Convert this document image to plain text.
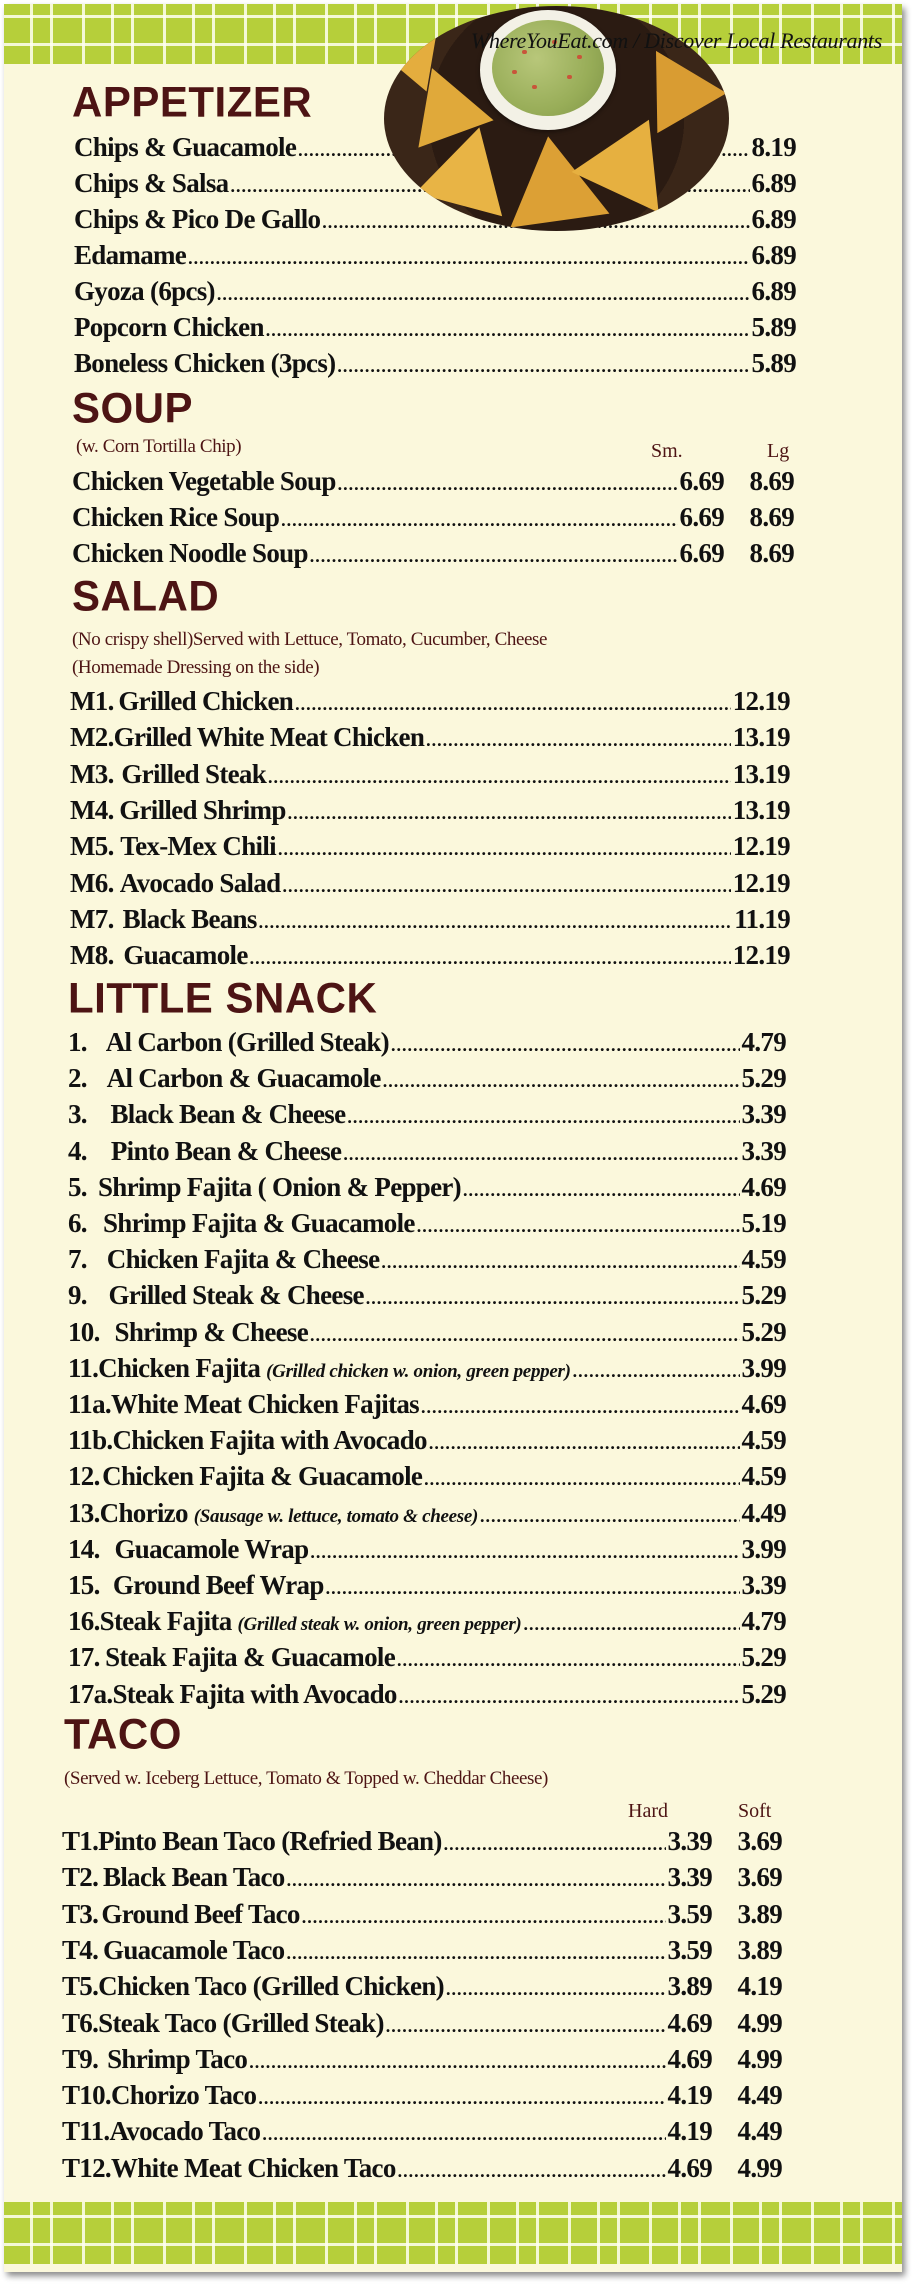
WhereYouEat.com / Discover Local Restaurants
APPETIZER
Chips & Guacamole .....	8.19
Chips & Salsa .....	6.89
Chips & Pico De Gallo .....	6.89
Edamame .....	6.89
Gyoza (6pcs) .....	6.89
Popcorn Chicken .....	5.89
Boneless Chicken (3pcs) .....	5.89
SOUP
(w. Corn Tortilla Chip)	Sm.	Lg
Chicken Vegetable Soup .....	6.69 8.69
Chicken Rice Soup .....	6.69 8.69
Chicken Noodle Soup .....	6.69 8.69
SALAD
(No crispy shell)Served with Lettuce, Tomato, Cucumber, Cheese
(Homemade Dressing on the side)
M1. Grilled Chicken .....	12.19
M2. Grilled White Meat Chicken .....	13.19
M3. Grilled Steak .....	13.19
M4. Grilled Shrimp .....	13.19
M5. Tex-Mex Chili .....	12.19
M6. Avocado Salad .....	12.19
M7. Black Beans .....	11.19
M8. Guacamole .....	12.19
LITTLE SNACK
1. Al Carbon (Grilled Steak) .....	4.79
2. Al Carbon & Guacamole .....	5.29
3. Black Bean & Cheese .....	3.39
4. Pinto Bean & Cheese .....	3.39
5. Shrimp Fajita ( Onion & Pepper) .....	4.69
6. Shrimp Fajita & Guacamole .....	5.19
7. Chicken Fajita & Cheese .....	4.59
9. Grilled Steak & Cheese .....	5.29
10. Shrimp & Cheese .....	5.29
11. Chicken Fajita (Grilled chicken w. onion, green pepper) .....	3.99
11a. White Meat Chicken Fajitas .....	4.69
11b. Chicken Fajita with Avocado .....	4.59
12. Chicken Fajita & Guacamole .....	4.59
13. Chorizo (Sausage w. lettuce, tomato & cheese) .....	4.49
14. Guacamole Wrap .....	3.99
15. Ground Beef Wrap .....	3.39
16. Steak Fajita (Grilled steak w. onion, green pepper) .....	4.79
17. Steak Fajita & Guacamole .....	5.29
17a. Steak Fajita with Avocado .....	5.29
TACO
(Served w. Iceberg Lettuce, Tomato & Topped w. Cheddar Cheese)
Hard	Soft
T1. Pinto Bean Taco (Refried Bean) .....	3.39 3.69
T2. Black Bean Taco .....	3.39 3.69
T3. Ground Beef Taco .....	3.59 3.89
T4. Guacamole Taco .....	3.59 3.89
T5. Chicken Taco (Grilled Chicken) .....	3.89 4.19
T6. Steak Taco (Grilled Steak) .....	4.69 4.99
T9. Shrimp Taco .....	4.69 4.99
T10. Chorizo Taco .....	4.19 4.49
T11. Avocado Taco .....	4.19 4.49
T12. White Meat Chicken Taco .....	4.69 4.99
